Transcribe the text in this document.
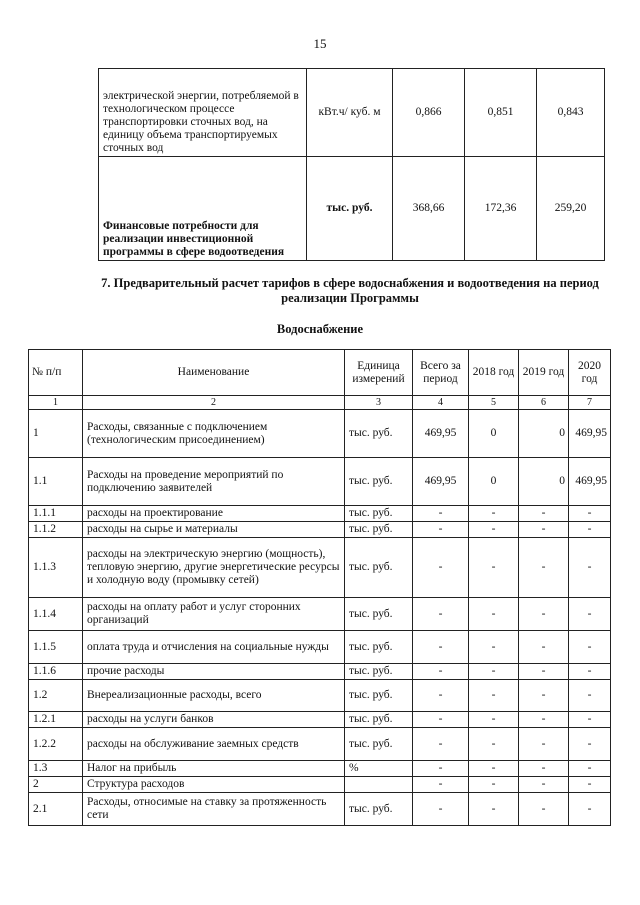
15
электрической энергии, потребляемой в технологическом процессе транспортировки сточных вод, на единицу объема транспортируемых сточных вод	кВт.ч/ куб. м	0,866	0,851	0,843
Финансовые потребности для реализации инвестиционной программы в сфере водоотведения	тыс. руб.	368,66	172,36	259,20
7. Предварительный расчет тарифов в сфере водоснабжения и водоотведения на период реализации Программы
Водоснабжение
№ п/п	Наименование	Единица измерений	Всего за период	2018 год	2019 год	2020 год
1	2	3	4	5	6	7
1	Расходы, связанные с подключением (технологическим присоединением)	тыс. руб.	469,95	0	0	469,95
1.1	Расходы на проведение мероприятий по подключению заявителей	тыс. руб.	469,95	0	0	469,95
1.1.1	расходы на проектирование	тыс. руб.	-	-	-	-
1.1.2	расходы на сырье и материалы	тыс. руб.	-	-	-	-
1.1.3	расходы на электрическую энергию (мощность), тепловую энергию, другие энергетические ресурсы и холодную воду (промывку сетей)	тыс. руб.	-	-	-	-
1.1.4	расходы на оплату работ и услуг сторонних организаций	тыс. руб.	-	-	-	-
1.1.5	оплата труда и отчисления на социальные нужды	тыс. руб.	-	-	-	-
1.1.6	прочие расходы	тыс. руб.	-	-	-	-
1.2	Внереализационные расходы, всего	тыс. руб.	-	-	-	-
1.2.1	расходы на услуги банков	тыс. руб.	-	-	-	-
1.2.2	расходы на обслуживание заемных средств	тыс. руб.	-	-	-	-
1.3	Налог на прибыль	%	-	-	-	-
2	Структура расходов		-	-	-	-
2.1	Расходы, относимые на ставку за протяженность сети	тыс. руб.	-	-	-	-
